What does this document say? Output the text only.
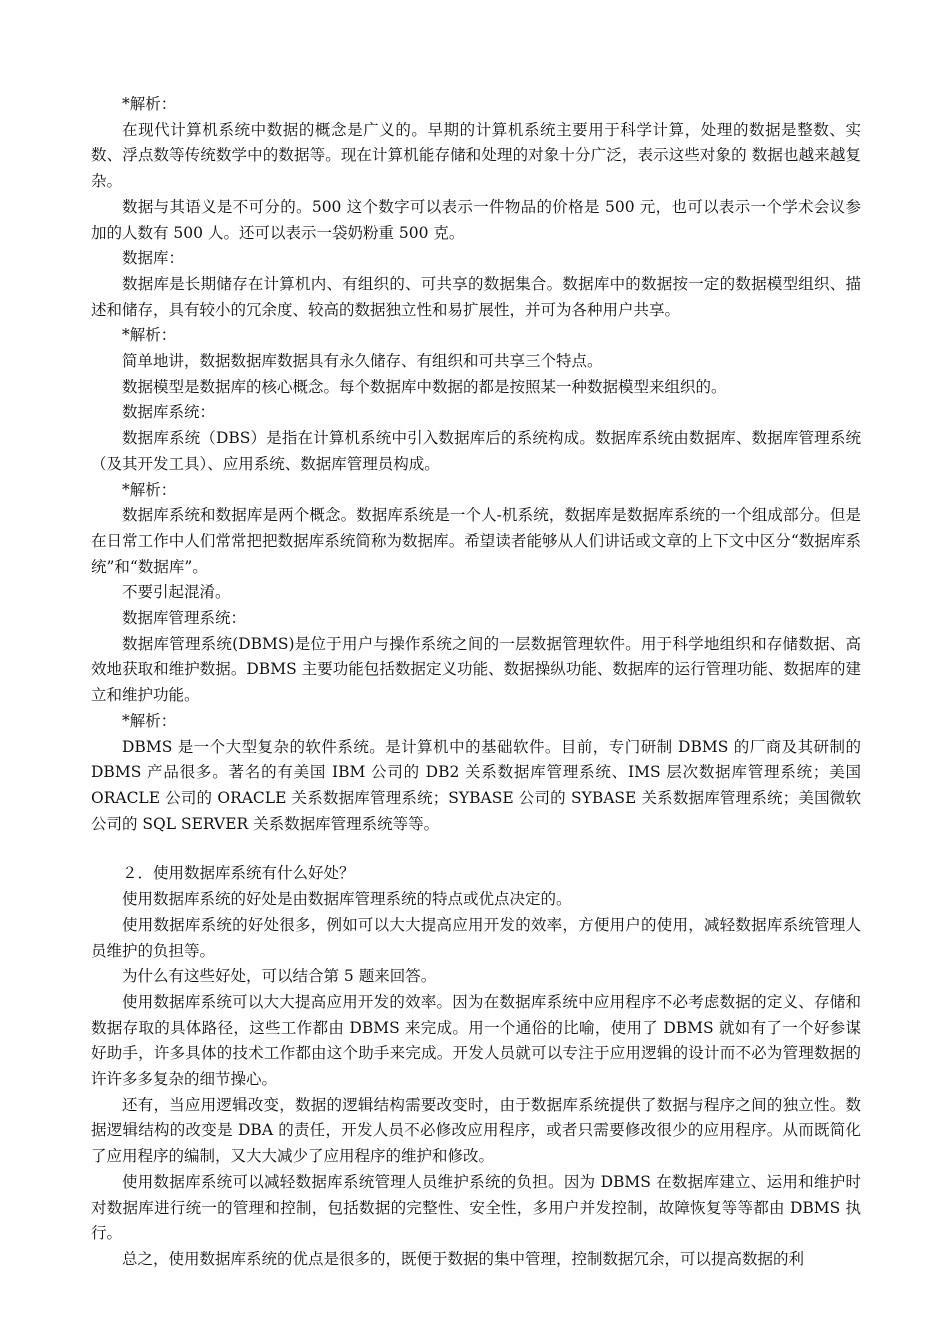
*解析：

在现代计算机系统中数据的概念是广义的。早期的计算机系统主要用于科学计算，处理的数据是整数、实数、浮点数等传统数学中的数据等。现在计算机能存储和处理的对象十分广泛，表示这些对象的 数据也越来越复杂。

数据与其语义是不可分的。500 这个数字可以表示一件物品的价格是 500 元，也可以表示一个学术会议参加的人数有 500 人。还可以表示一袋奶粉重 500 克。

数据库：

数据库是长期储存在计算机内、有组织的、可共享的数据集合。数据库中的数据按一定的数据模型组织、描述和储存，具有较小的冗余度、较高的数据独立性和易扩展性，并可为各种用户共享。

*解析：

简单地讲，数据数据库数据具有永久储存、有组织和可共享三个特点。

数据模型是数据库的核心概念。每个数据库中数据的都是按照某一种数据模型来组织的。

数据库系统：

数据库系统（DBS）是指在计算机系统中引入数据库后的系统构成。数据库系统由数据库、数据库管理系统（及其开发工具）、应用系统、数据库管理员构成。

*解析：

数据库系统和数据库是两个概念。数据库系统是一个人-机系统，数据库是数据库系统的一个组成部分。但是在日常工作中人们常常把把数据库系统简称为数据库。希望读者能够从人们讲话或文章的上下文中区分“数据库系统”和“数据库”。

不要引起混淆。

数据库管理系统：

数据库管理系统(DBMS)是位于用户与操作系统之间的一层数据管理软件。用于科学地组织和存储数据、高效地获取和维护数据。DBMS 主要功能包括数据定义功能、数据操纵功能、数据库的运行管理功能、数据库的建立和维护功能。

*解析：

DBMS 是一个大型复杂的软件系统。是计算机中的基础软件。目前，专门研制 DBMS 的厂商及其研制的 DBMS 产品很多。著名的有美国 IBM 公司的 DB2 关系数据库管理系统、IMS 层次数据库管理系统；美国 ORACLE 公司的 ORACLE 关系数据库管理系统；SYBASE 公司的 SYBASE 关系数据库管理系统；美国微软公司的 SQL SERVER 关系数据库管理系统等等。

２．使用数据库系统有什么好处？

使用数据库系统的好处是由数据库管理系统的特点或优点决定的。

使用数据库系统的好处很多，例如可以大大提高应用开发的效率，方便用户的使用，减轻数据库系统管理人员维护的负担等。

为什么有这些好处，可以结合第 5 题来回答。

使用数据库系统可以大大提高应用开发的效率。因为在数据库系统中应用程序不必考虑数据的定义、存储和数据存取的具体路径，这些工作都由 DBMS 来完成。用一个通俗的比喻，使用了 DBMS 就如有了一个好参谋好助手，许多具体的技术工作都由这个助手来完成。开发人员就可以专注于应用逻辑的设计而不必为管理数据的许许多多复杂的细节操心。

还有，当应用逻辑改变，数据的逻辑结构需要改变时，由于数据库系统提供了数据与程序之间的独立性。数据逻辑结构的改变是 DBA 的责任，开发人员不必修改应用程序，或者只需要修改很少的应用程序。从而既简化了应用程序的编制，又大大减少了应用程序的维护和修改。

使用数据库系统可以减轻数据库系统管理人员维护系统的负担。因为 DBMS 在数据库建立、运用和维护时对数据库进行统一的管理和控制，包括数据的完整性、安全性，多用户并发控制，故障恢复等等都由 DBMS 执行。

总之，使用数据库系统的优点是很多的，既便于数据的集中管理，控制数据冗余，可以提高数据的利
